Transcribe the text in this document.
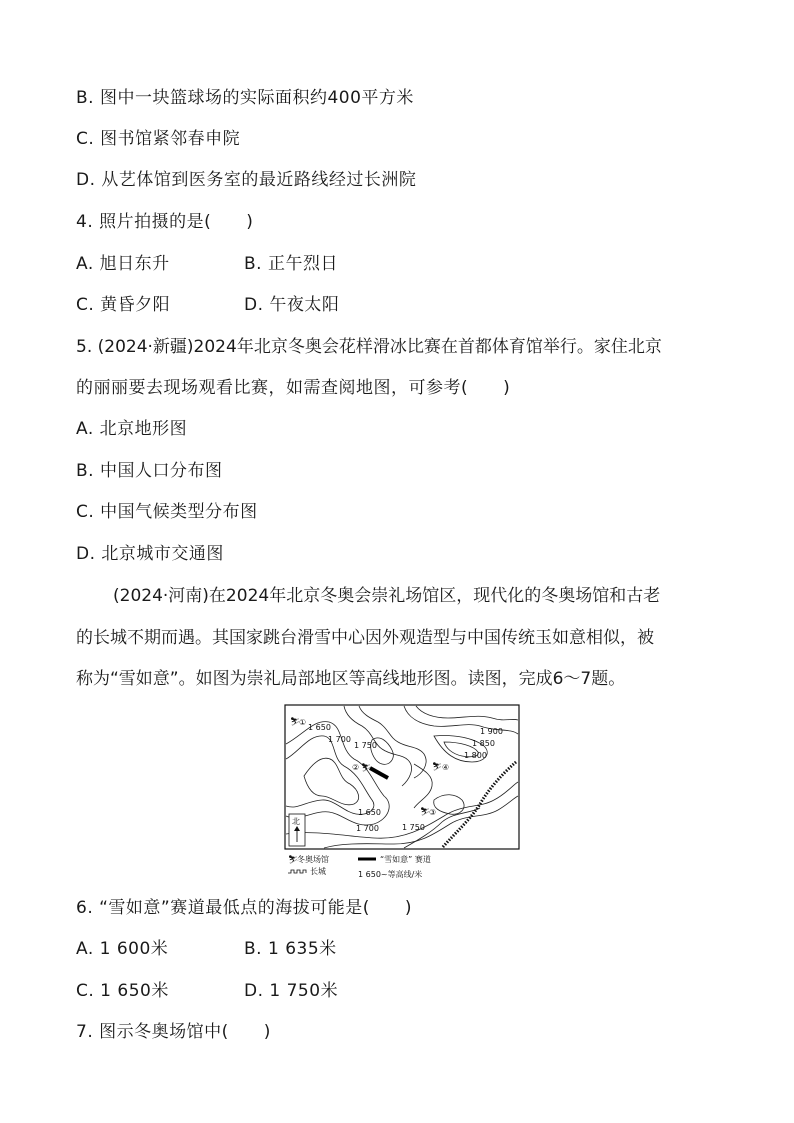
B. 图中一块篮球场的实际面积约400平方米
C. 图书馆紧邻春申院
D. 从艺体馆到医务室的最近路线经过长洲院
4. 照片拍摄的是(　　)
A. 旭日东升	B. 正午烈日
C. 黄昏夕阳	D. 午夜太阳
5. (2024·新疆)2024年北京冬奥会花样滑冰比赛在首都体育馆举行。家住北京
的丽丽要去现场观看比赛，如需查阅地图，可参考(　　)
A. 北京地形图
B. 中国人口分布图
C. 中国气候类型分布图
D. 北京城市交通图
(2024·河南)在2024年北京冬奥会崇礼场馆区，现代化的冬奥场馆和古老
的长城不期而遇。其国家跳台滑雪中心因外观造型与中国传统玉如意相似，被
称为“雪如意”。如图为崇礼局部地区等高线地形图。读图，完成6～7题。
1 650
1 700
1 750
1 900
1 850
1 800
1 650
1 700	1 750
⛷
①
② ⛷
⛷
③
⛷ ④
北
⛷
冬奥场馆	“雪如意” 赛道
长城	1 650~等高线/米
6. “雪如意”赛道最低点的海拔可能是(　　)
A. 1 600米	B. 1 635米
C. 1 650米	D. 1 750米
7. 图示冬奥场馆中(　　)
